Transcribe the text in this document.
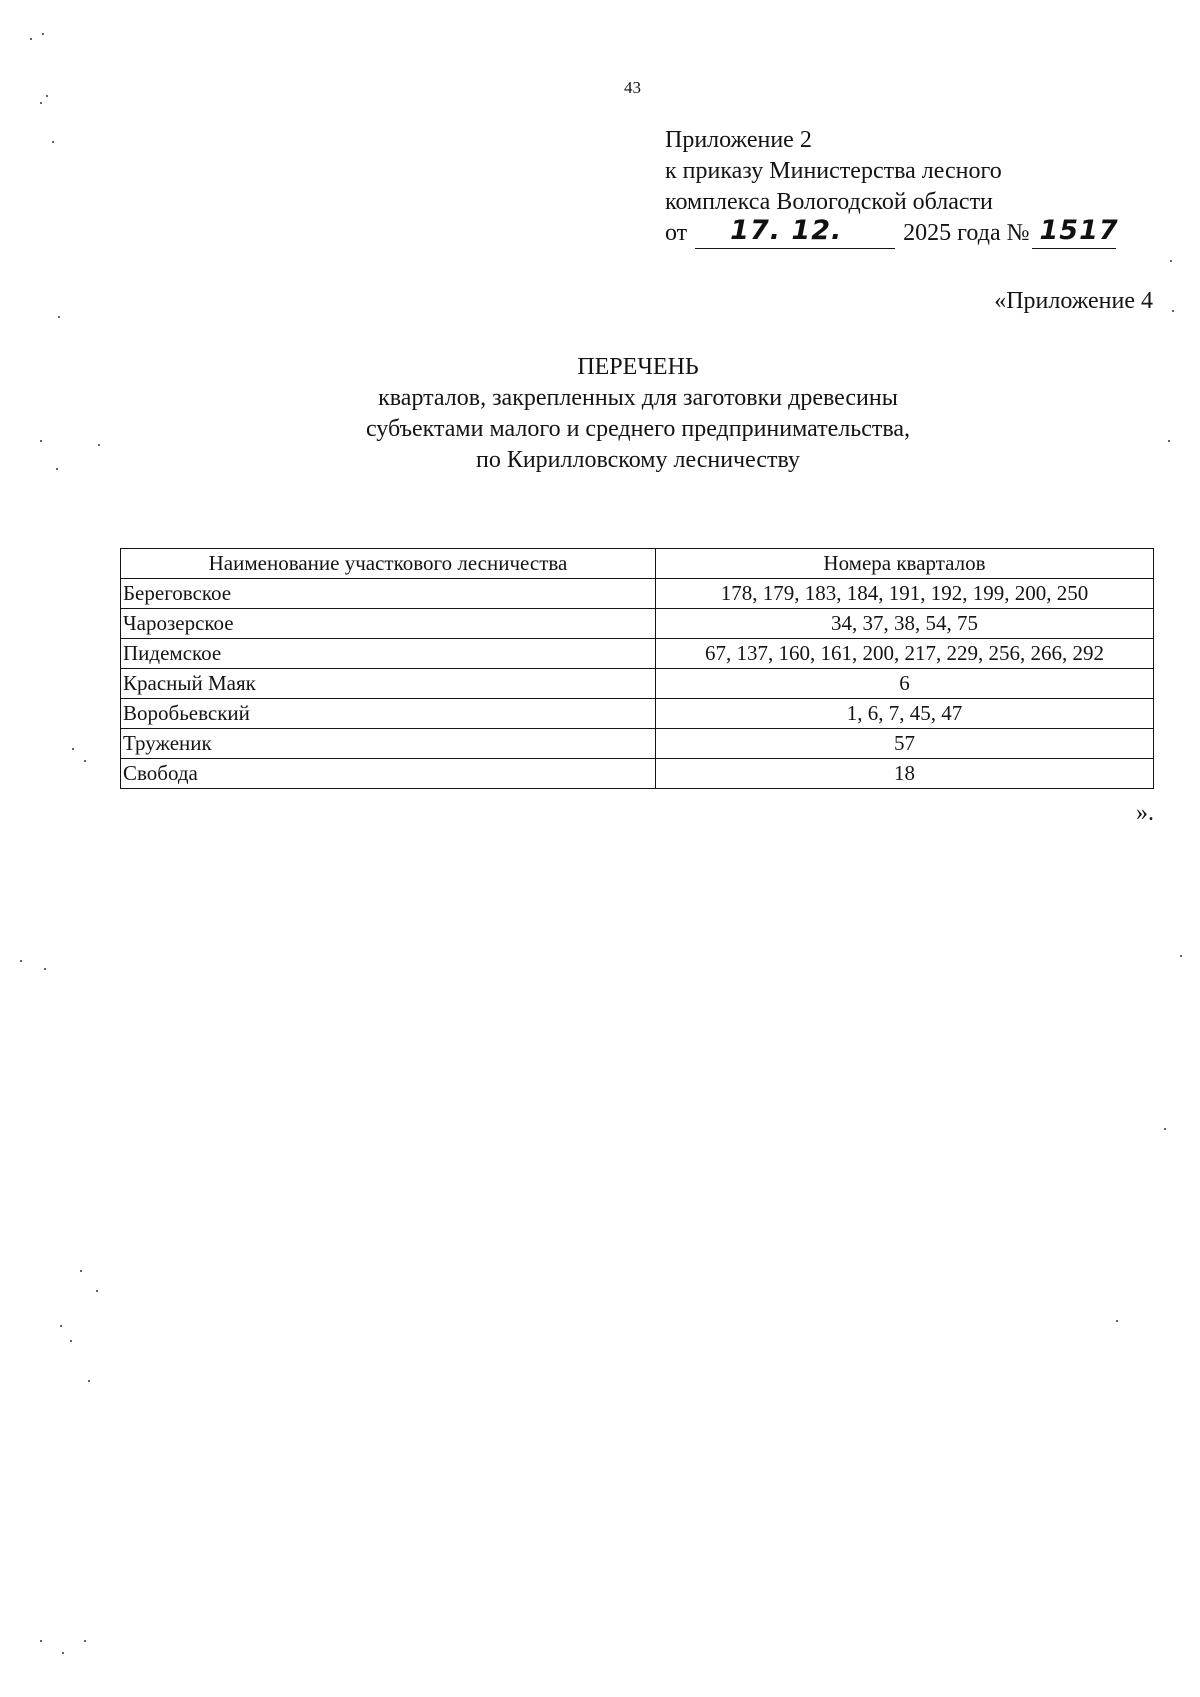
43
Приложение 2
к приказу Министерства лесного
комплекса Вологодской области
от 17. 12.	2025 года № 1517
«Приложение 4
ПЕРЕЧЕНЬ
кварталов, закрепленных для заготовки древесины
субъектами малого и среднего предпринимательства,
по Кирилловскому лесничеству
Наименование участкового лесничества	Номера кварталов
Береговское	178, 179, 183, 184, 191, 192, 199, 200, 250
Чарозерское	34, 37, 38, 54, 75
Пидемское	67, 137, 160, 161, 200, 217, 229, 256, 266, 292
Красный Маяк	6
Воробьевский	1, 6, 7, 45, 47
Труженик	57
Свобода	18
».
